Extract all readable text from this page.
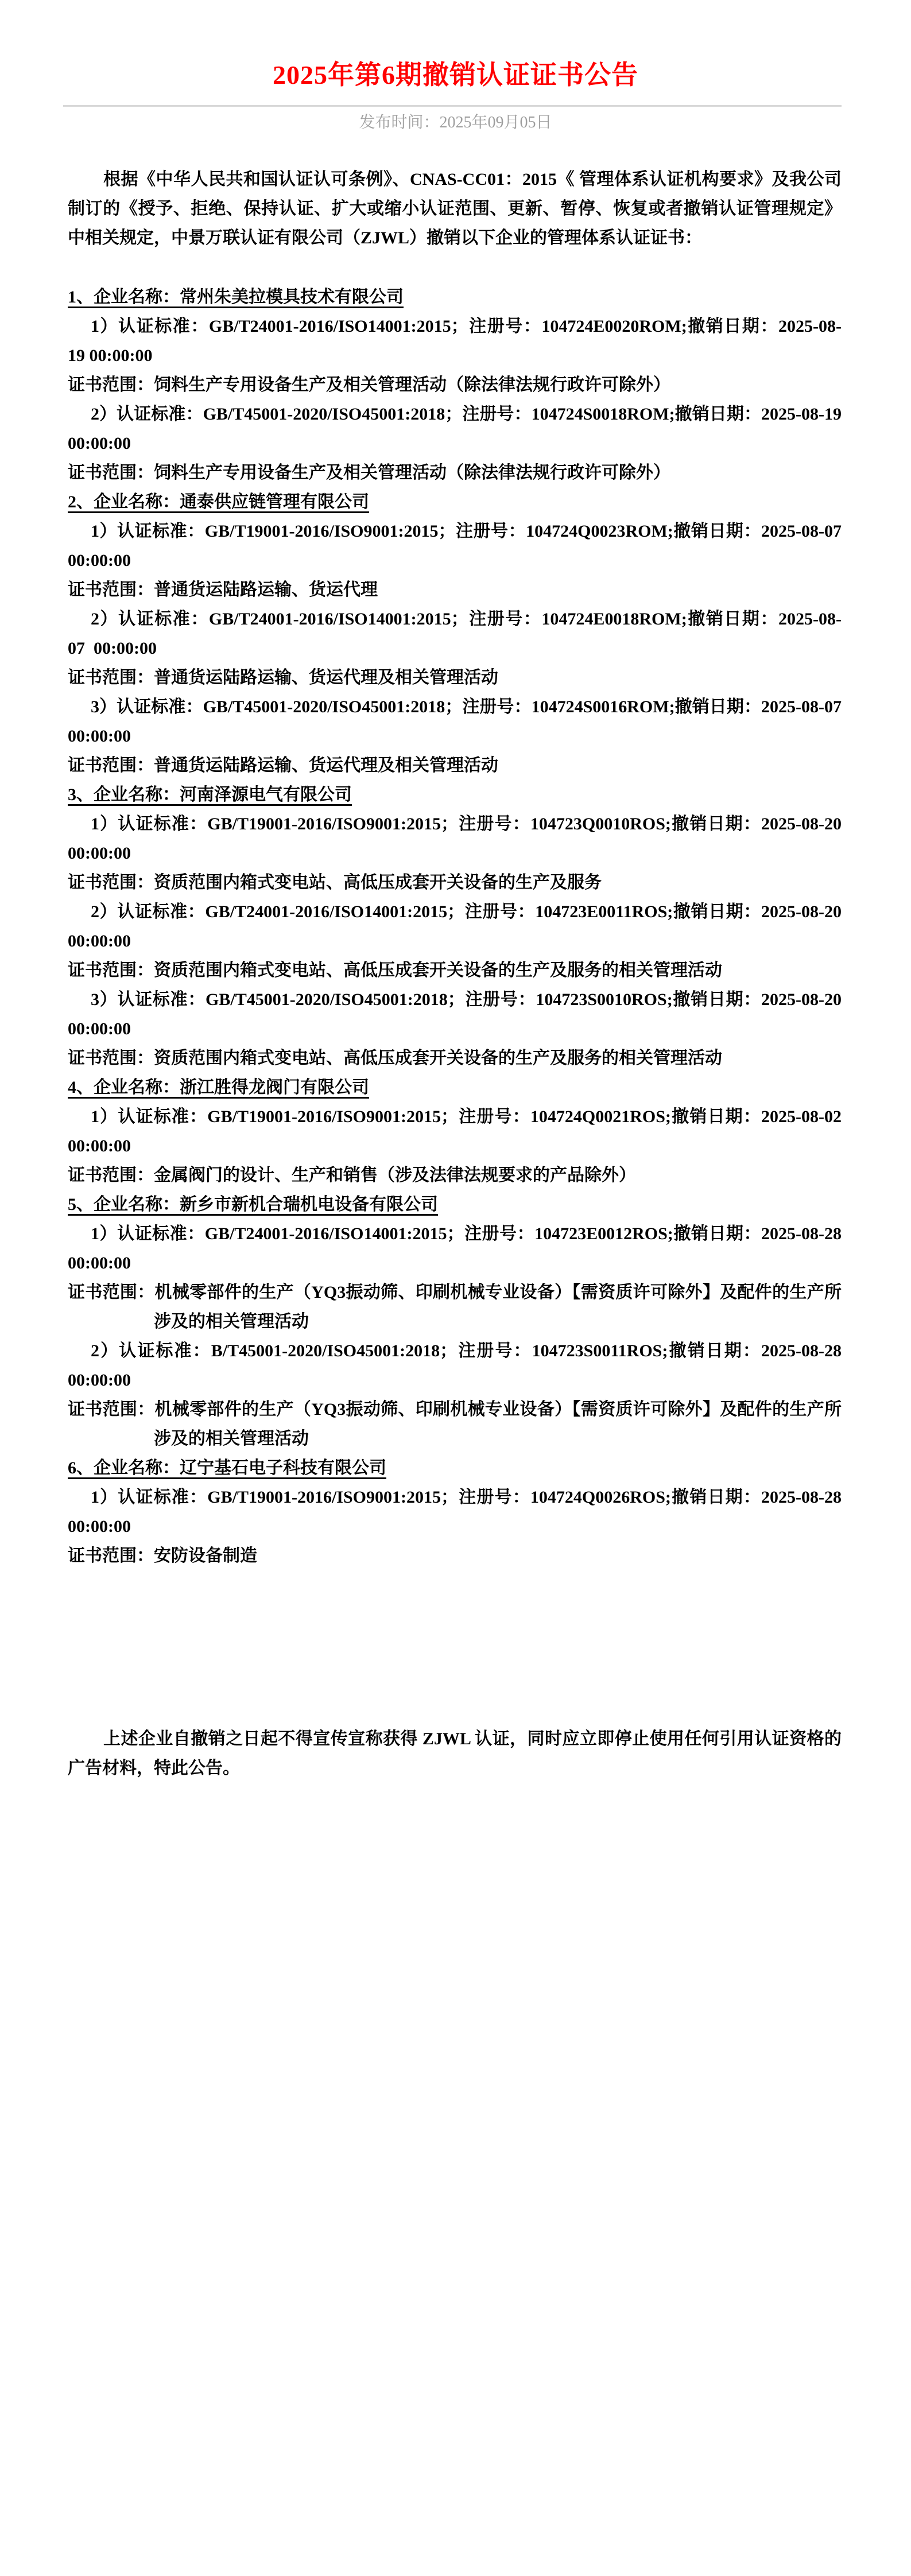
2025年第6期撤销认证证书公告
发布时间：2025年09月05日

根据《中华人民共和国认证认可条例》、CNAS-CC01：2015《 管理体系认证机构要求》及我公司制订的《授予、拒绝、保持认证、扩大或缩小认证范围、更新、暂停、恢复或者撤销认证管理规定》中相关规定，中景万联认证有限公司（ZJWL）撤销以下企业的管理体系认证证书：

1、企业名称：常州朱美拉模具技术有限公司

1）认证标准：GB/T24001-2016/ISO14001:2015；注册号：104724E0020ROM;撤销日期：2025-08-19 00:00:00

证书范围：饲料生产专用设备生产及相关管理活动（除法律法规行政许可除外）

2）认证标准：GB/T45001-2020/ISO45001:2018；注册号：104724S0018ROM;撤销日期：2025-08-19 00:00:00

证书范围：饲料生产专用设备生产及相关管理活动（除法律法规行政许可除外）

2、企业名称：通泰供应链管理有限公司

1）认证标准：GB/T19001-2016/ISO9001:2015；注册号：104724Q0023ROM;撤销日期：2025-08-07 00:00:00

证书范围：普通货运陆路运输、货运代理

2）认证标准：GB/T24001-2016/ISO14001:2015；注册号：104724E0018ROM;撤销日期：2025-08-07  00:00:00

证书范围：普通货运陆路运输、货运代理及相关管理活动

3）认证标准：GB/T45001-2020/ISO45001:2018；注册号：104724S0016ROM;撤销日期：2025-08-07  00:00:00

证书范围：普通货运陆路运输、货运代理及相关管理活动

3、企业名称：河南泽源电气有限公司

1）认证标准：GB/T19001-2016/ISO9001:2015；注册号：104723Q0010ROS;撤销日期：2025-08-20 00:00:00

证书范围：资质范围内箱式变电站、高低压成套开关设备的生产及服务

2）认证标准：GB/T24001-2016/ISO14001:2015；注册号：104723E0011ROS;撤销日期：2025-08-20 00:00:00

证书范围：资质范围内箱式变电站、高低压成套开关设备的生产及服务的相关管理活动

3）认证标准：GB/T45001-2020/ISO45001:2018；注册号：104723S0010ROS;撤销日期：2025-08-20 00:00:00

证书范围：资质范围内箱式变电站、高低压成套开关设备的生产及服务的相关管理活动

4、企业名称：浙江胜得龙阀门有限公司

1）认证标准：GB/T19001-2016/ISO9001:2015；注册号：104724Q0021ROS;撤销日期：2025-08-02 00:00:00

证书范围：金属阀门的设计、生产和销售（涉及法律法规要求的产品除外）

5、企业名称：新乡市新机合瑞机电设备有限公司

1）认证标准：GB/T24001-2016/ISO14001:2015；注册号：104723E0012ROS;撤销日期：2025-08-28 00:00:00

证书范围：机械零部件的生产（YQ3振动筛、印刷机械专业设备）【需资质许可除外】及配件的生产所涉及的相关管理活动

2）认证标准：B/T45001-2020/ISO45001:2018；注册号：104723S0011ROS;撤销日期：2025-08-28 00:00:00

证书范围：机械零部件的生产（YQ3振动筛、印刷机械专业设备）【需资质许可除外】及配件的生产所涉及的相关管理活动

6、企业名称：辽宁基石电子科技有限公司

1）认证标准：GB/T19001-2016/ISO9001:2015；注册号：104724Q0026ROS;撤销日期：2025-08-28 00:00:00

证书范围：安防设备制造

上述企业自撤销之日起不得宣传宣称获得 ZJWL 认证，同时应立即停止使用任何引用认证资格的广告材料，特此公告。
